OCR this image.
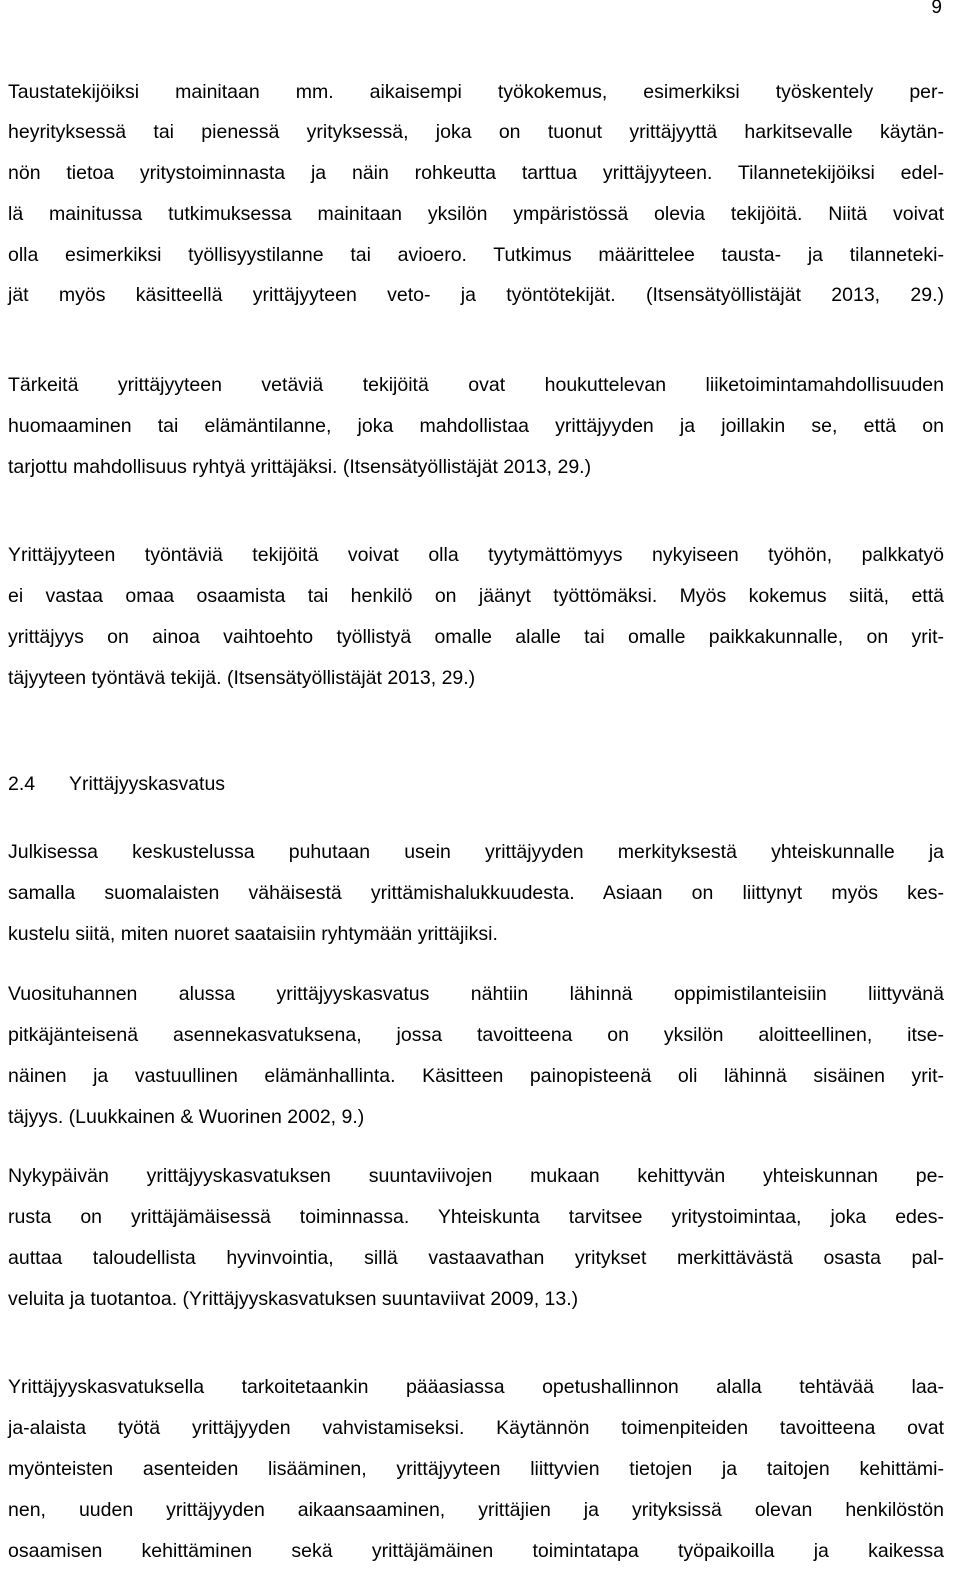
9
Taustatekijöiksi mainitaan mm. aikaisempi työkokemus, esimerkiksi työskentely per-
heyrityksessä tai pienessä yrityksessä, joka on tuonut yrittäjyyttä harkitsevalle käytän-
nön tietoa yritystoiminnasta ja näin rohkeutta tarttua yrittäjyyteen. Tilannetekijöiksi edel-
lä mainitussa tutkimuksessa mainitaan yksilön ympäristössä olevia tekijöitä. Niitä voivat
olla esimerkiksi työllisyystilanne tai avioero. Tutkimus määrittelee tausta- ja tilanneteki-
jät myös käsitteellä yrittäjyyteen veto- ja työntötekijät. (Itsensätyöllistäjät 2013, 29.)
Tärkeitä yrittäjyyteen vetäviä tekijöitä ovat houkuttelevan liiketoimintamahdollisuuden
huomaaminen tai elämäntilanne, joka mahdollistaa yrittäjyyden ja joillakin se, että on
tarjottu mahdollisuus ryhtyä yrittäjäksi. (Itsensätyöllistäjät 2013, 29.)
Yrittäjyyteen työntäviä tekijöitä voivat olla tyytymättömyys nykyiseen työhön, palkkatyö
ei vastaa omaa osaamista tai henkilö on jäänyt työttömäksi. Myös kokemus siitä, että
yrittäjyys on ainoa vaihtoehto työllistyä omalle alalle tai omalle paikkakunnalle, on yrit-
täjyyteen työntävä tekijä. (Itsensätyöllistäjät 2013, 29.)
2.4 Yrittäjyyskasvatus
Julkisessa keskustelussa puhutaan usein yrittäjyyden merkityksestä yhteiskunnalle ja
samalla suomalaisten vähäisestä yrittämishalukkuudesta. Asiaan on liittynyt myös kes-
kustelu siitä, miten nuoret saataisiin ryhtymään yrittäjiksi.
Vuosituhannen alussa yrittäjyyskasvatus nähtiin lähinnä oppimistilanteisiin liittyvänä
pitkäjänteisenä asennekasvatuksena, jossa tavoitteena on yksilön aloitteellinen, itse-
näinen ja vastuullinen elämänhallinta. Käsitteen painopisteenä oli lähinnä sisäinen yrit-
täjyys. (Luukkainen & Wuorinen 2002, 9.)
Nykypäivän yrittäjyyskasvatuksen suuntaviivojen mukaan kehittyvän yhteiskunnan pe-
rusta on yrittäjämäisessä toiminnassa. Yhteiskunta tarvitsee yritystoimintaa, joka edes-
auttaa taloudellista hyvinvointia, sillä vastaavathan yritykset merkittävästä osasta pal-
veluita ja tuotantoa. (Yrittäjyyskasvatuksen suuntaviivat 2009, 13.)
Yrittäjyyskasvatuksella tarkoitetaankin pääasiassa opetushallinnon alalla tehtävää laa-
ja-alaista työtä yrittäjyyden vahvistamiseksi. Käytännön toimenpiteiden tavoitteena ovat
myönteisten asenteiden lisääminen, yrittäjyyteen liittyvien tietojen ja taitojen kehittämi-
nen, uuden yrittäjyyden aikaansaaminen, yrittäjien ja yrityksissä olevan henkilöstön
osaamisen kehittäminen sekä yrittäjämäinen toimintatapa työpaikoilla ja kaikessa
